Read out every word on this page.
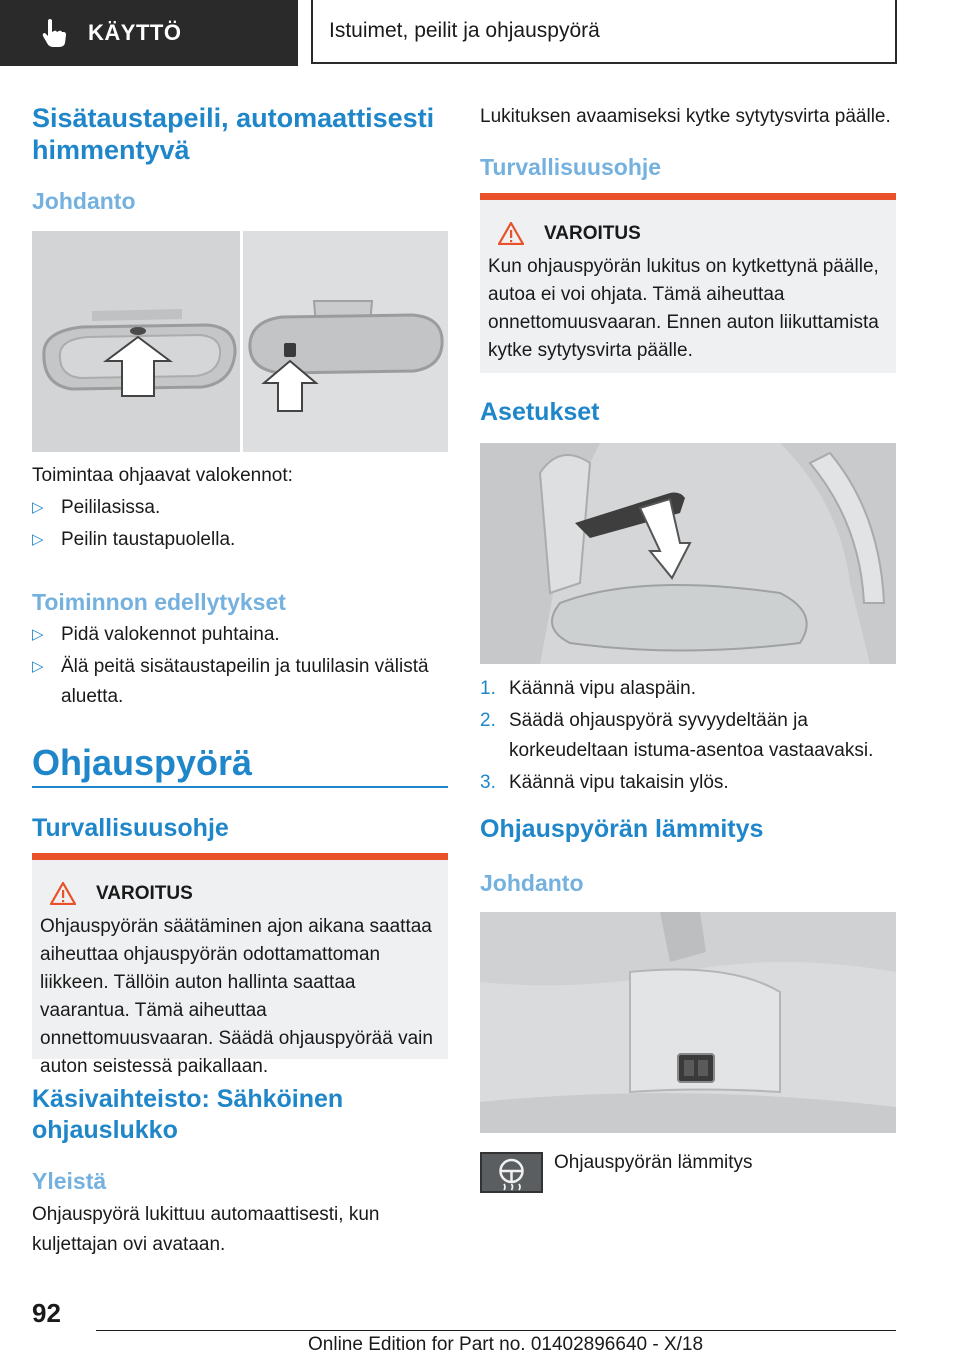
KÄYTTÖ	Istuimet, peilit ja ohjauspyörä
Sisätaustapeili, automaattisesti himmentyvä
Johdanto

Toimintaa ohjaavat valokennot:

▷ Peililasissa.
▷ Peilin taustapuolella.
Toiminnon edellytykset
▷ Pidä valokennot puhtaina.
▷ Älä peitä sisätaustapeilin ja tuulilasin välistä aluetta.
Ohjauspyörä
Turvallisuusohje
VAROITUS
Ohjauspyörän säätäminen ajon aikana saattaa aiheuttaa ohjauspyörän odottamattoman liikkeen. Tällöin auton hallinta saattaa vaarantua. Tämä aiheuttaa onnettomuusvaaran. Säädä ohjauspyörää vain auton seistessä paikallaan.
Käsivaihteisto: Sähköinen ohjauslukko
Yleistä

Ohjauspyörä lukittuu automaattisesti, kun kuljettajan ovi avataan.

Lukituksen avaamiseksi kytke sytytysvirta päälle.

Turvallisuusohje
VAROITUS
Kun ohjauspyörän lukitus on kytkettynä päälle, autoa ei voi ohjata. Tämä aiheuttaa onnettomuusvaaran. Ennen auton liikuttamista kytke sytytysvirta päälle.
Asetukset
1. Käännä vipu alaspäin.
2. Säädä ohjauspyörä syvyydeltään ja korkeudeltaan istuma-asentoa vastaavaksi.
3. Käännä vipu takaisin ylös.
Ohjauspyörän lämmitys
Johdanto
Ohjauspyörän lämmitys
92
Online Edition for Part no. 01402896640 - X/18
